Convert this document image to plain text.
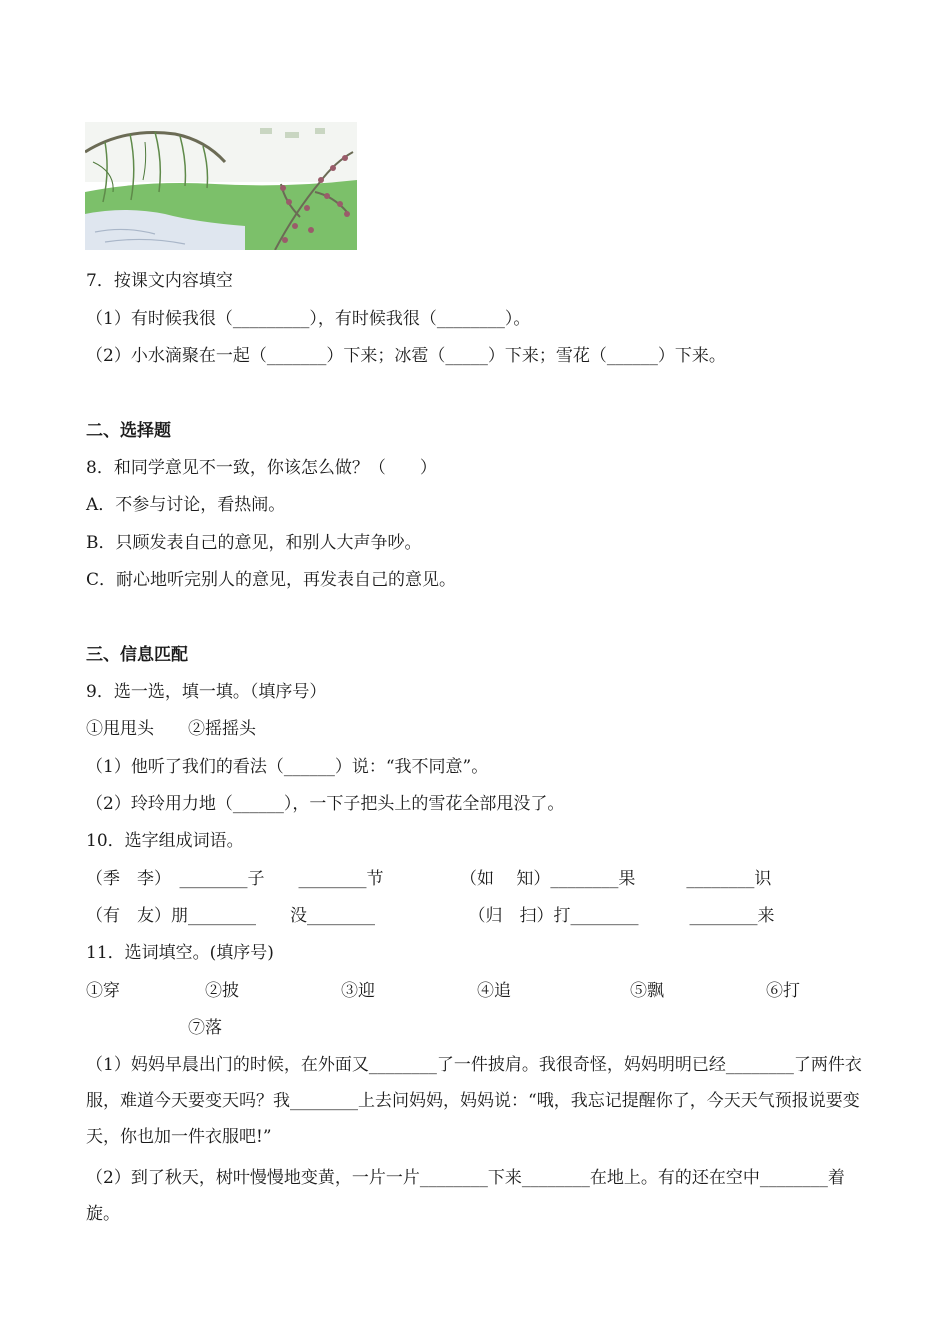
7．按课文内容填空
（1）有时候我很（_________），有时候我很（________）。
（2）小水滴聚在一起（_______）下来；冰雹（_____）下来；雪花（______）下来。
二、选择题
8．和同学意见不一致，你该怎么做？（　　）
A．不参与讨论，看热闹。
B．只顾发表自己的意见，和别人大声争吵。
C．耐心地听完别人的意见，再发表自己的意见。
三、信息匹配
9．选一选，填一填。（填序号）
①甩甩头　　②摇摇头
（1）他听了我们的看法（______）说：“我不同意”。
（2）玲玲用力地（______），一下子把头上的雪花全部甩没了。
10．选字组成词语。
（季　李）　________子　　________节　　　　　（如　 知）________果　　　________识
（有　友）朋________　　没________　　　　　　（归　扫）打________　　　________来
11．选词填空。(填序号)
①穿　　　　　②披　　　　　　③迎　　　　　　④追　　　　　　　⑤飘　　　　　　⑥打
　　　　　　⑦落

（1）妈妈早晨出门的时候，在外面又________了一件披肩。我很奇怪，妈妈明明已经________了两件衣服，难道今天要变天吗？我________上去问妈妈，妈妈说：“哦，我忘记提醒你了，今天天气预报说要变天，你也加一件衣服吧!”

（2）到了秋天，树叶慢慢地变黄，一片一片________下来________在地上。有的还在空中________着旋。
